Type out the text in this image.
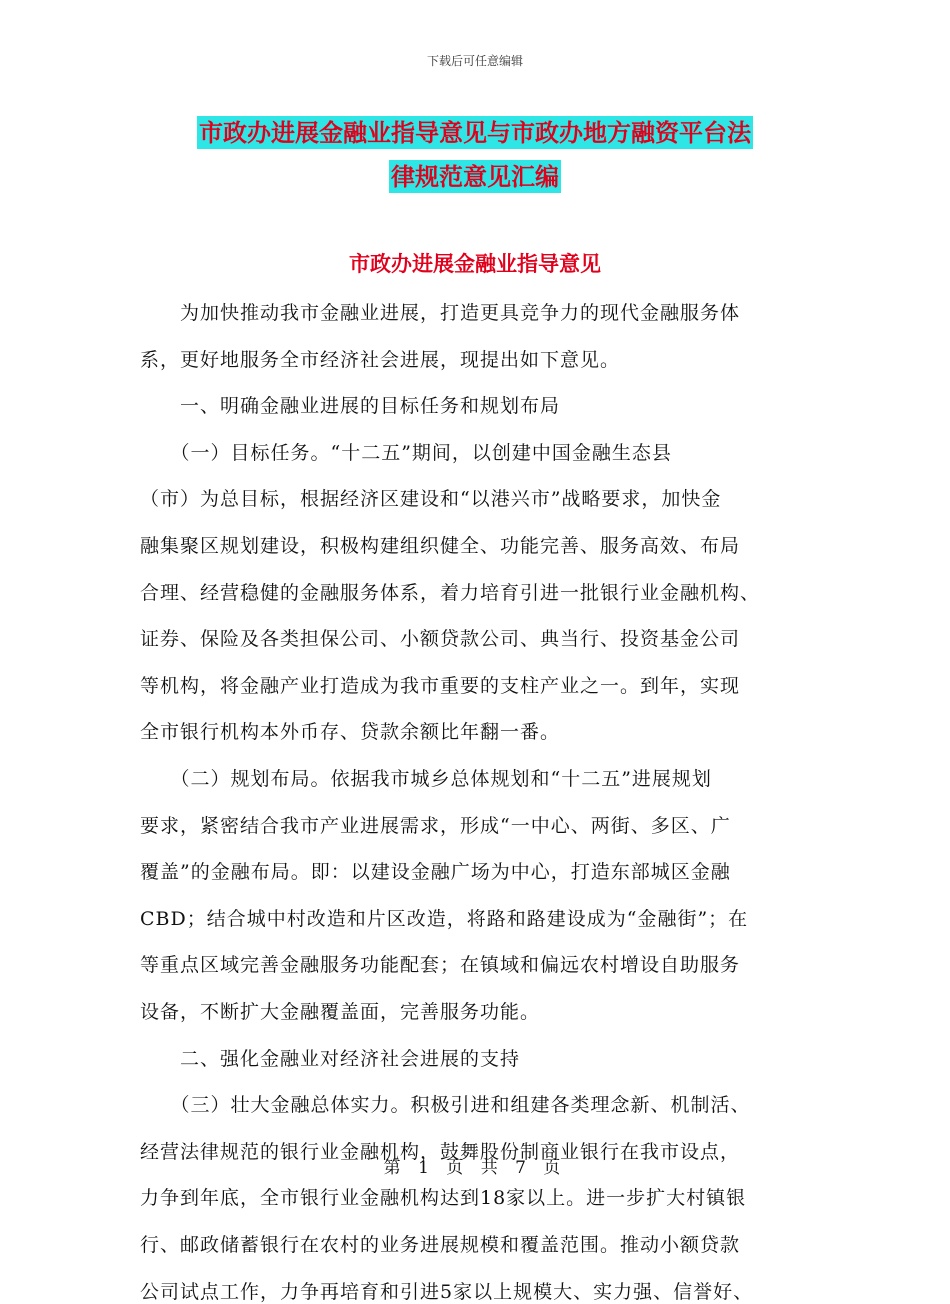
下载后可任意编辑
市政办进展金融业指导意见与市政办地方融资平台法
律规范意见汇编
市政办进展金融业指导意见
　　为加快推动我市金融业进展，打造更具竞争力的现代金融服务体
系，更好地服务全市经济社会进展，现提出如下意见。
　　一、明确金融业进展的目标任务和规划布局
　　（一）目标任务。“十二五”期间，以创建中国金融生态县
（市）为总目标，根据经济区建设和“以港兴市”战略要求，加快金
融集聚区规划建设，积极构建组织健全、功能完善、服务高效、布局
合理、经营稳健的金融服务体系，着力培育引进一批银行业金融机构、
证券、保险及各类担保公司、小额贷款公司、典当行、投资基金公司
等机构，将金融产业打造成为我市重要的支柱产业之一。到年，实现
全市银行机构本外币存、贷款余额比年翻一番。
　　（二）规划布局。依据我市城乡总体规划和“十二五”进展规划
要求，紧密结合我市产业进展需求，形成“一中心、两街、多区、广
覆盖”的金融布局。即：以建设金融广场为中心，打造东部城区金融
CBD；结合城中村改造和片区改造，将路和路建设成为“金融街”；在
等重点区域完善金融服务功能配套；在镇域和偏远农村增设自助服务
设备，不断扩大金融覆盖面，完善服务功能。
　　二、强化金融业对经济社会进展的支持
　　（三）壮大金融总体实力。积极引进和组建各类理念新、机制活、
经营法律规范的银行业金融机构，鼓舞股份制商业银行在我市设点，
力争到年底，全市银行业金融机构达到18家以上。进一步扩大村镇银
行、邮政储蓄银行在农村的业务进展规模和覆盖范围。推动小额贷款
公司试点工作，力争再培育和引进5家以上规模大、实力强、信誉好、
第 1 页 共 7 页
